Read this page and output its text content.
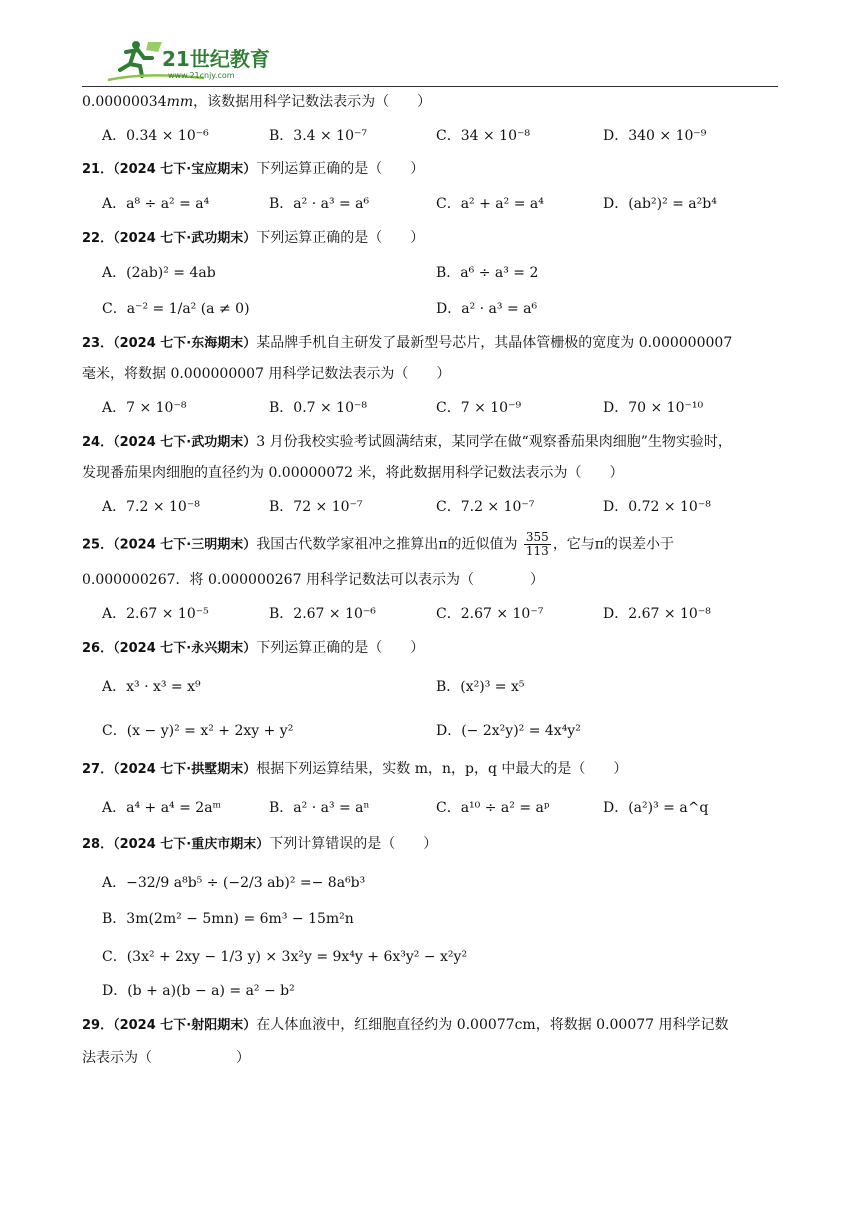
21世纪教育
www.21cnjy.com
0.00000034𝑚𝑚，该数据用科学记数法表示为（　　）
A．0.34 × 10⁻⁶	B．3.4 × 10⁻⁷	C．34 × 10⁻⁸	D．340 × 10⁻⁹
21．（2024 七下·宝应期末）下列运算正确的是（　　）
A．a⁸ ÷ a² = a⁴	B．a² · a³ = a⁶	C．a² + a² = a⁴	D．(ab²)² = a²b⁴
22．（2024 七下·武功期末）下列运算正确的是（　　）
A．(2ab)² = 4ab	B．a⁶ ÷ a³ = 2
C．a⁻² = 1/a² (a ≠ 0)	D．a² · a³ = a⁶
23．（2024 七下·东海期末）某品牌手机自主研发了最新型号芯片，其晶体管栅极的宽度为 0.000000007
毫米，将数据 0.000000007 用科学记数法表示为（　　）
A．7 × 10⁻⁸	B．0.7 × 10⁻⁸	C．7 × 10⁻⁹	D．70 × 10⁻¹⁰
24．（2024 七下·武功期末）3 月份我校实验考试圆满结束，某同学在做“观察番茄果肉细胞”生物实验时，
发现番茄果肉细胞的直径约为 0.00000072 米，将此数据用科学记数法表示为（　　）
A．7.2 × 10⁻⁸	B．72 × 10⁻⁷	C．7.2 × 10⁻⁷	D．0.72 × 10⁻⁸
25．（2024 七下·三明期末）我国古代数学家祖冲之推算出π的近似值为 $\frac{355}{113}$ ，它与π的误差小于
0.000000267．将 0.000000267 用科学记数法可以表示为（　　　　）
A．2.67 × 10⁻⁵	B．2.67 × 10⁻⁶	C．2.67 × 10⁻⁷	D．2.67 × 10⁻⁸
26．（2024 七下·永兴期末）下列运算正确的是（　　）
A．x³ · x³ = x⁹	B．(x²)³ = x⁵
C．(x − y)² = x² + 2xy + y²	D．(− 2x²y)² = 4x⁴y²
27．（2024 七下·拱墅期末）根据下列运算结果，实数 m，n，p，q 中最大的是（　　）
A．a⁴ + a⁴ = 2aᵐ	B．a² · a³ = aⁿ	C．a¹⁰ ÷ a² = aᵖ	D．(a²)³ = a^q
28．（2024 七下·重庆市期末）下列计算错误的是（　　）
A．−32/9 a⁸b⁵ ÷ (−2/3 ab)² =− 8a⁶b³
B．3m(2m² − 5mn) = 6m³ − 15m²n
C．(3x² + 2xy − 1/3 y) × 3x²y = 9x⁴y + 6x³y² − x²y²
D．(b + a)(b − a) = a² − b²
29．（2024 七下·射阳期末）在人体血液中，红细胞直径约为 0.00077cm，将数据 0.00077 用科学记数
法表示为（　　　　　　）
